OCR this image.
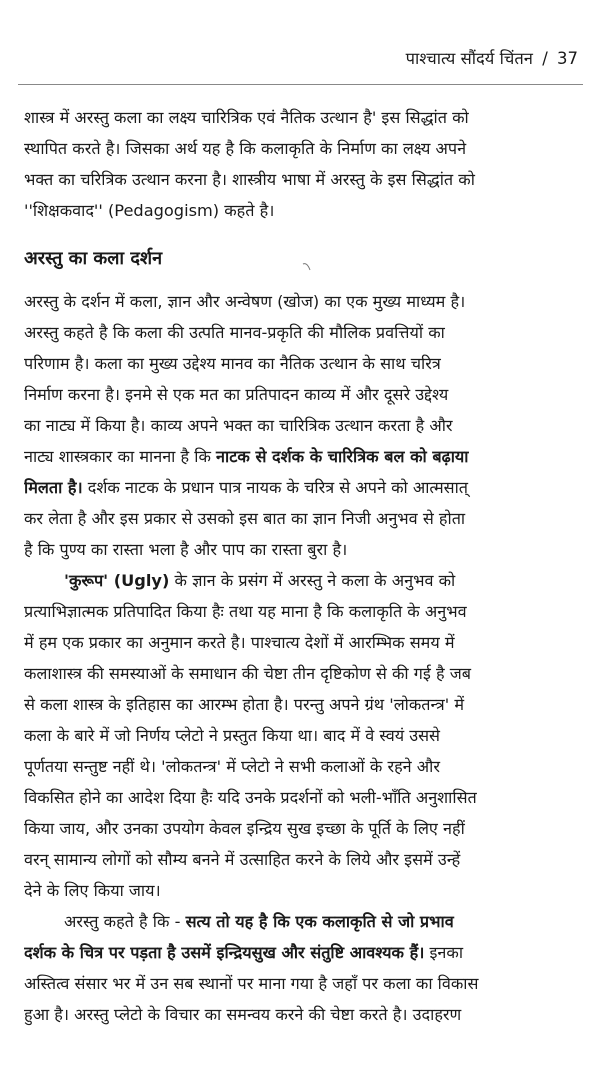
पाश्चात्य सौंदर्य चिंतन / 37
शास्त्र में अरस्तु कला का लक्ष्य चारित्रिक एवं नैतिक उत्थान है' इस सिद्धांत को
स्थापित करते है। जिसका अर्थ यह है कि कलाकृति के निर्माण का लक्ष्य अपने
भक्त का चरित्रिक उत्थान करना है। शास्त्रीय भाषा में अरस्तु के इस सिद्धांत को
''शिक्षकवाद'' (Pedagogism) कहते है।
अरस्तु का कला दर्शन
अरस्तु के दर्शन में कला, ज्ञान और अन्वेषण (खोज) का एक मुख्य माध्यम है।
अरस्तु कहते है कि कला की उत्पति मानव-प्रकृति की मौलिक प्रवत्तियों का
परिणाम है। कला का मुख्य उद्देश्य मानव का नैतिक उत्थान के साथ चरित्र
निर्माण करना है। इनमे से एक मत का प्रतिपादन काव्य में और दूसरे उद्देश्य
का नाट्य में किया है। काव्य अपने भक्त का चारित्रिक उत्थान करता है और
नाट्य शास्त्रकार का मानना है कि नाटक से दर्शक के चारित्रिक बल को बढ़ाया
मिलता है। दर्शक नाटक के प्रधान पात्र नायक के चरित्र से अपने को आत्मसात्
कर लेता है और इस प्रकार से उसको इस बात का ज्ञान निजी अनुभव से होता
है कि पुण्य का रास्ता भला है और पाप का रास्ता बुरा है।
'कुरूप' (Ugly) के ज्ञान के प्रसंग में अरस्तु ने कला के अनुभव को
प्रत्याभिज्ञात्मक प्रतिपादित किया हैः तथा यह माना है कि कलाकृति के अनुभव
में हम एक प्रकार का अनुमान करते है। पाश्चात्य देशों में आरम्भिक समय में
कलाशास्त्र की समस्याओं के समाधान की चेष्टा तीन दृष्टिकोण से की गई है जब
से कला शास्त्र के इतिहास का आरम्भ होता है। परन्तु अपने ग्रंथ 'लोकतन्त्र' में
कला के बारे में जो निर्णय प्लेटो ने प्रस्तुत किया था। बाद में वे स्वयं उससे
पूर्णतया सन्तुष्ट नहीं थे। 'लोकतन्त्र' में प्लेटो ने सभी कलाओं के रहने और
विकसित होने का आदेश दिया हैः यदि उनके प्रदर्शनों को भली-भाँति अनुशासित
किया जाय, और उनका उपयोग केवल इन्द्रिय सुख इच्छा के पूर्ति के लिए नहीं
वरन् सामान्य लोगों को सौम्य बनने में उत्साहित करने के लिये और इसमें उन्हें
देने के लिए किया जाय।
अरस्तु कहते है कि - सत्य तो यह है कि एक कलाकृति से जो प्रभाव
दर्शक के चित्र पर पड़ता है उसमें इन्द्रियसुख और संतुष्टि आवश्यक हैं। इनका
अस्तित्व संसार भर में उन सब स्थानों पर माना गया है जहाँ पर कला का विकास
हुआ है। अरस्तु प्लेटो के विचार का समन्वय करने की चेष्टा करते है। उदाहरण
